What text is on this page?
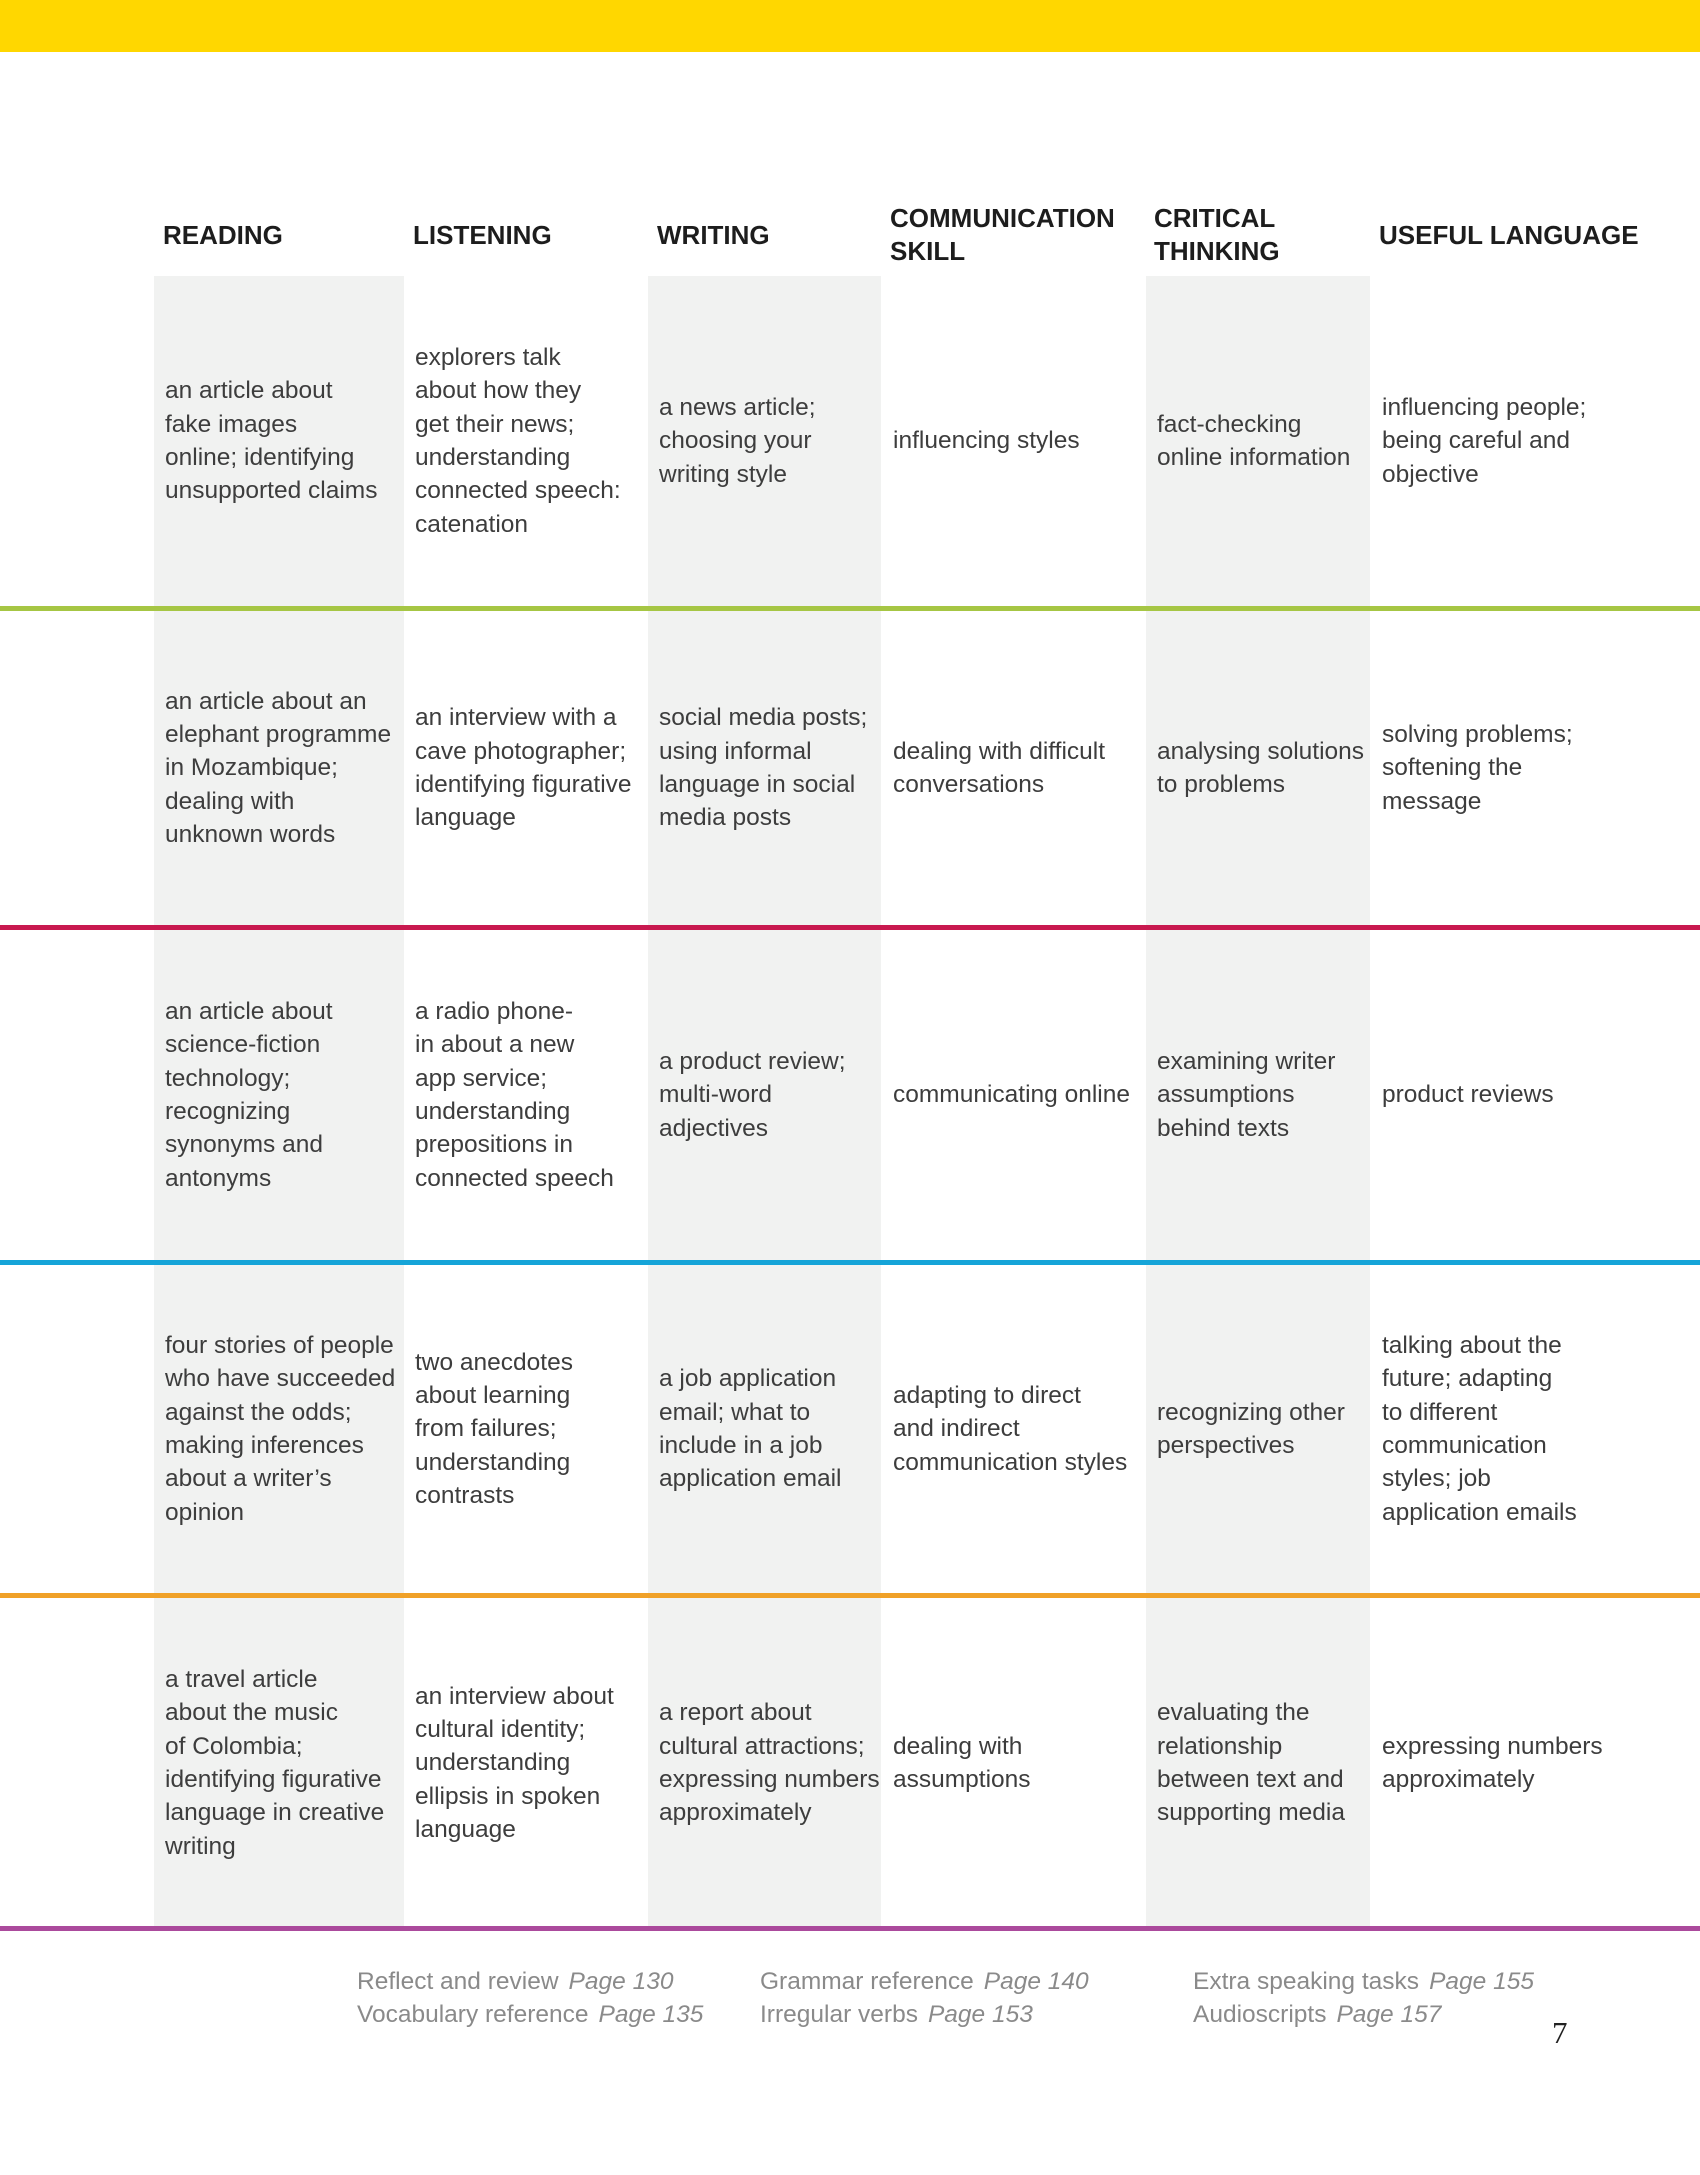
READING	LISTENING	WRITING
COMMUNICATION
SKILL
CRITICAL
THINKING
USEFUL LANGUAGE
an article about
fake images
online; identifying
unsupported claims
explorers talk
about how they
get their news;
understanding
connected speech:
catenation
a news article;
choosing your
writing style
influencing styles
fact-checking
online information
influencing people;
being careful and
objective
an article about an
elephant programme
in Mozambique;
dealing with
unknown words
an interview with a
cave photographer;
identifying figurative
language
social media posts;
using informal
language in social
media posts
dealing with difficult
conversations
analysing solutions
to problems
solving problems;
softening the
message
an article about
science-fiction
technology;
recognizing
synonyms and
antonyms
a radio phone-
in about a new
app service;
understanding
prepositions in
connected speech
a product review;
multi-word
adjectives
communicating online
examining writer
assumptions
behind texts
product reviews
four stories of people
who have succeeded
against the odds;
making inferences
about a writer’s
opinion
two anecdotes
about learning
from failures;
understanding
contrasts
a job application
email; what to
include in a job
application email
adapting to direct
and indirect
communication styles
recognizing other
perspectives
talking about the
future; adapting
to different
communication
styles; job
application emails
a travel article
about the music
of Colombia;
identifying figurative
language in creative
writing
an interview about
cultural identity;
understanding
ellipsis in spoken
language
a report about
cultural attractions;
expressing numbers
approximately
dealing with
assumptions
evaluating the
relationship
between text and
supporting media
expressing numbers
approximately
Reflect and review Page 130
Vocabulary reference Page 135
Grammar reference Page 140
Irregular verbs Page 153
Extra speaking tasks Page 155
Audioscripts Page 157
7
